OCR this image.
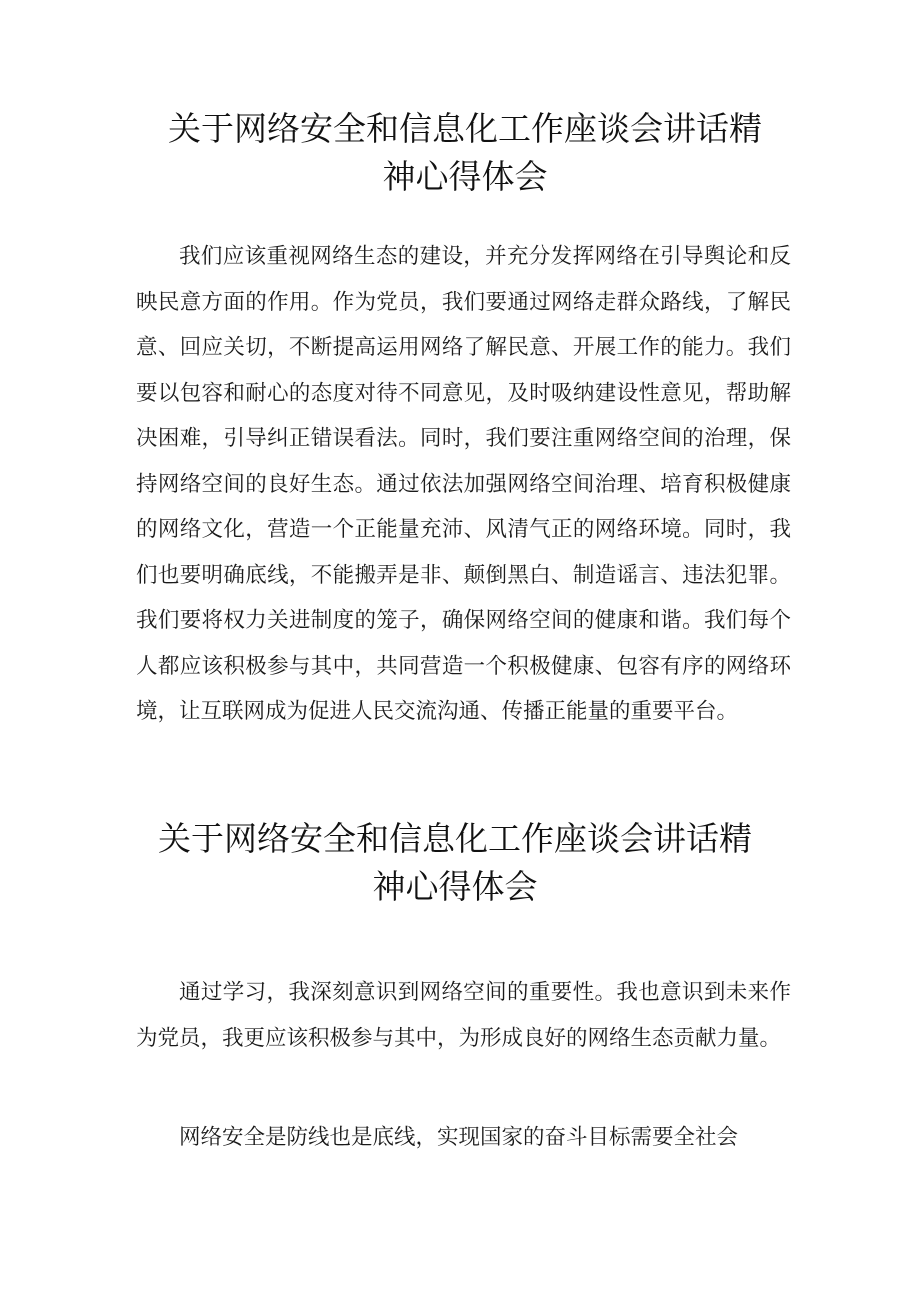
关于网络安全和信息化工作座谈会讲话精
神心得体会

我们应该重视网络生态的建设，并充分发挥网络在引导舆论和反映民意方面的作用。作为党员，我们要通过网络走群众路线，了解民意、回应关切，不断提高运用网络了解民意、开展工作的能力。我们要以包容和耐心的态度对待不同意见，及时吸纳建设性意见，帮助解决困难，引导纠正错误看法。同时，我们要注重网络空间的治理，保持网络空间的良好生态。通过依法加强网络空间治理、培育积极健康的网络文化，营造一个正能量充沛、风清气正的网络环境。同时，我们也要明确底线，不能搬弄是非、颠倒黑白、制造谣言、违法犯罪。我们要将权力关进制度的笼子，确保网络空间的健康和谐。我们每个人都应该积极参与其中，共同营造一个积极健康、包容有序的网络环境，让互联网成为促进人民交流沟通、传播正能量的重要平台。

关于网络安全和信息化工作座谈会讲话精
神心得体会

通过学习，我深刻意识到网络空间的重要性。我也意识到未来作为党员，我更应该积极参与其中，为形成良好的网络生态贡献力量。

网络安全是防线也是底线，实现国家的奋斗目标需要全社会
